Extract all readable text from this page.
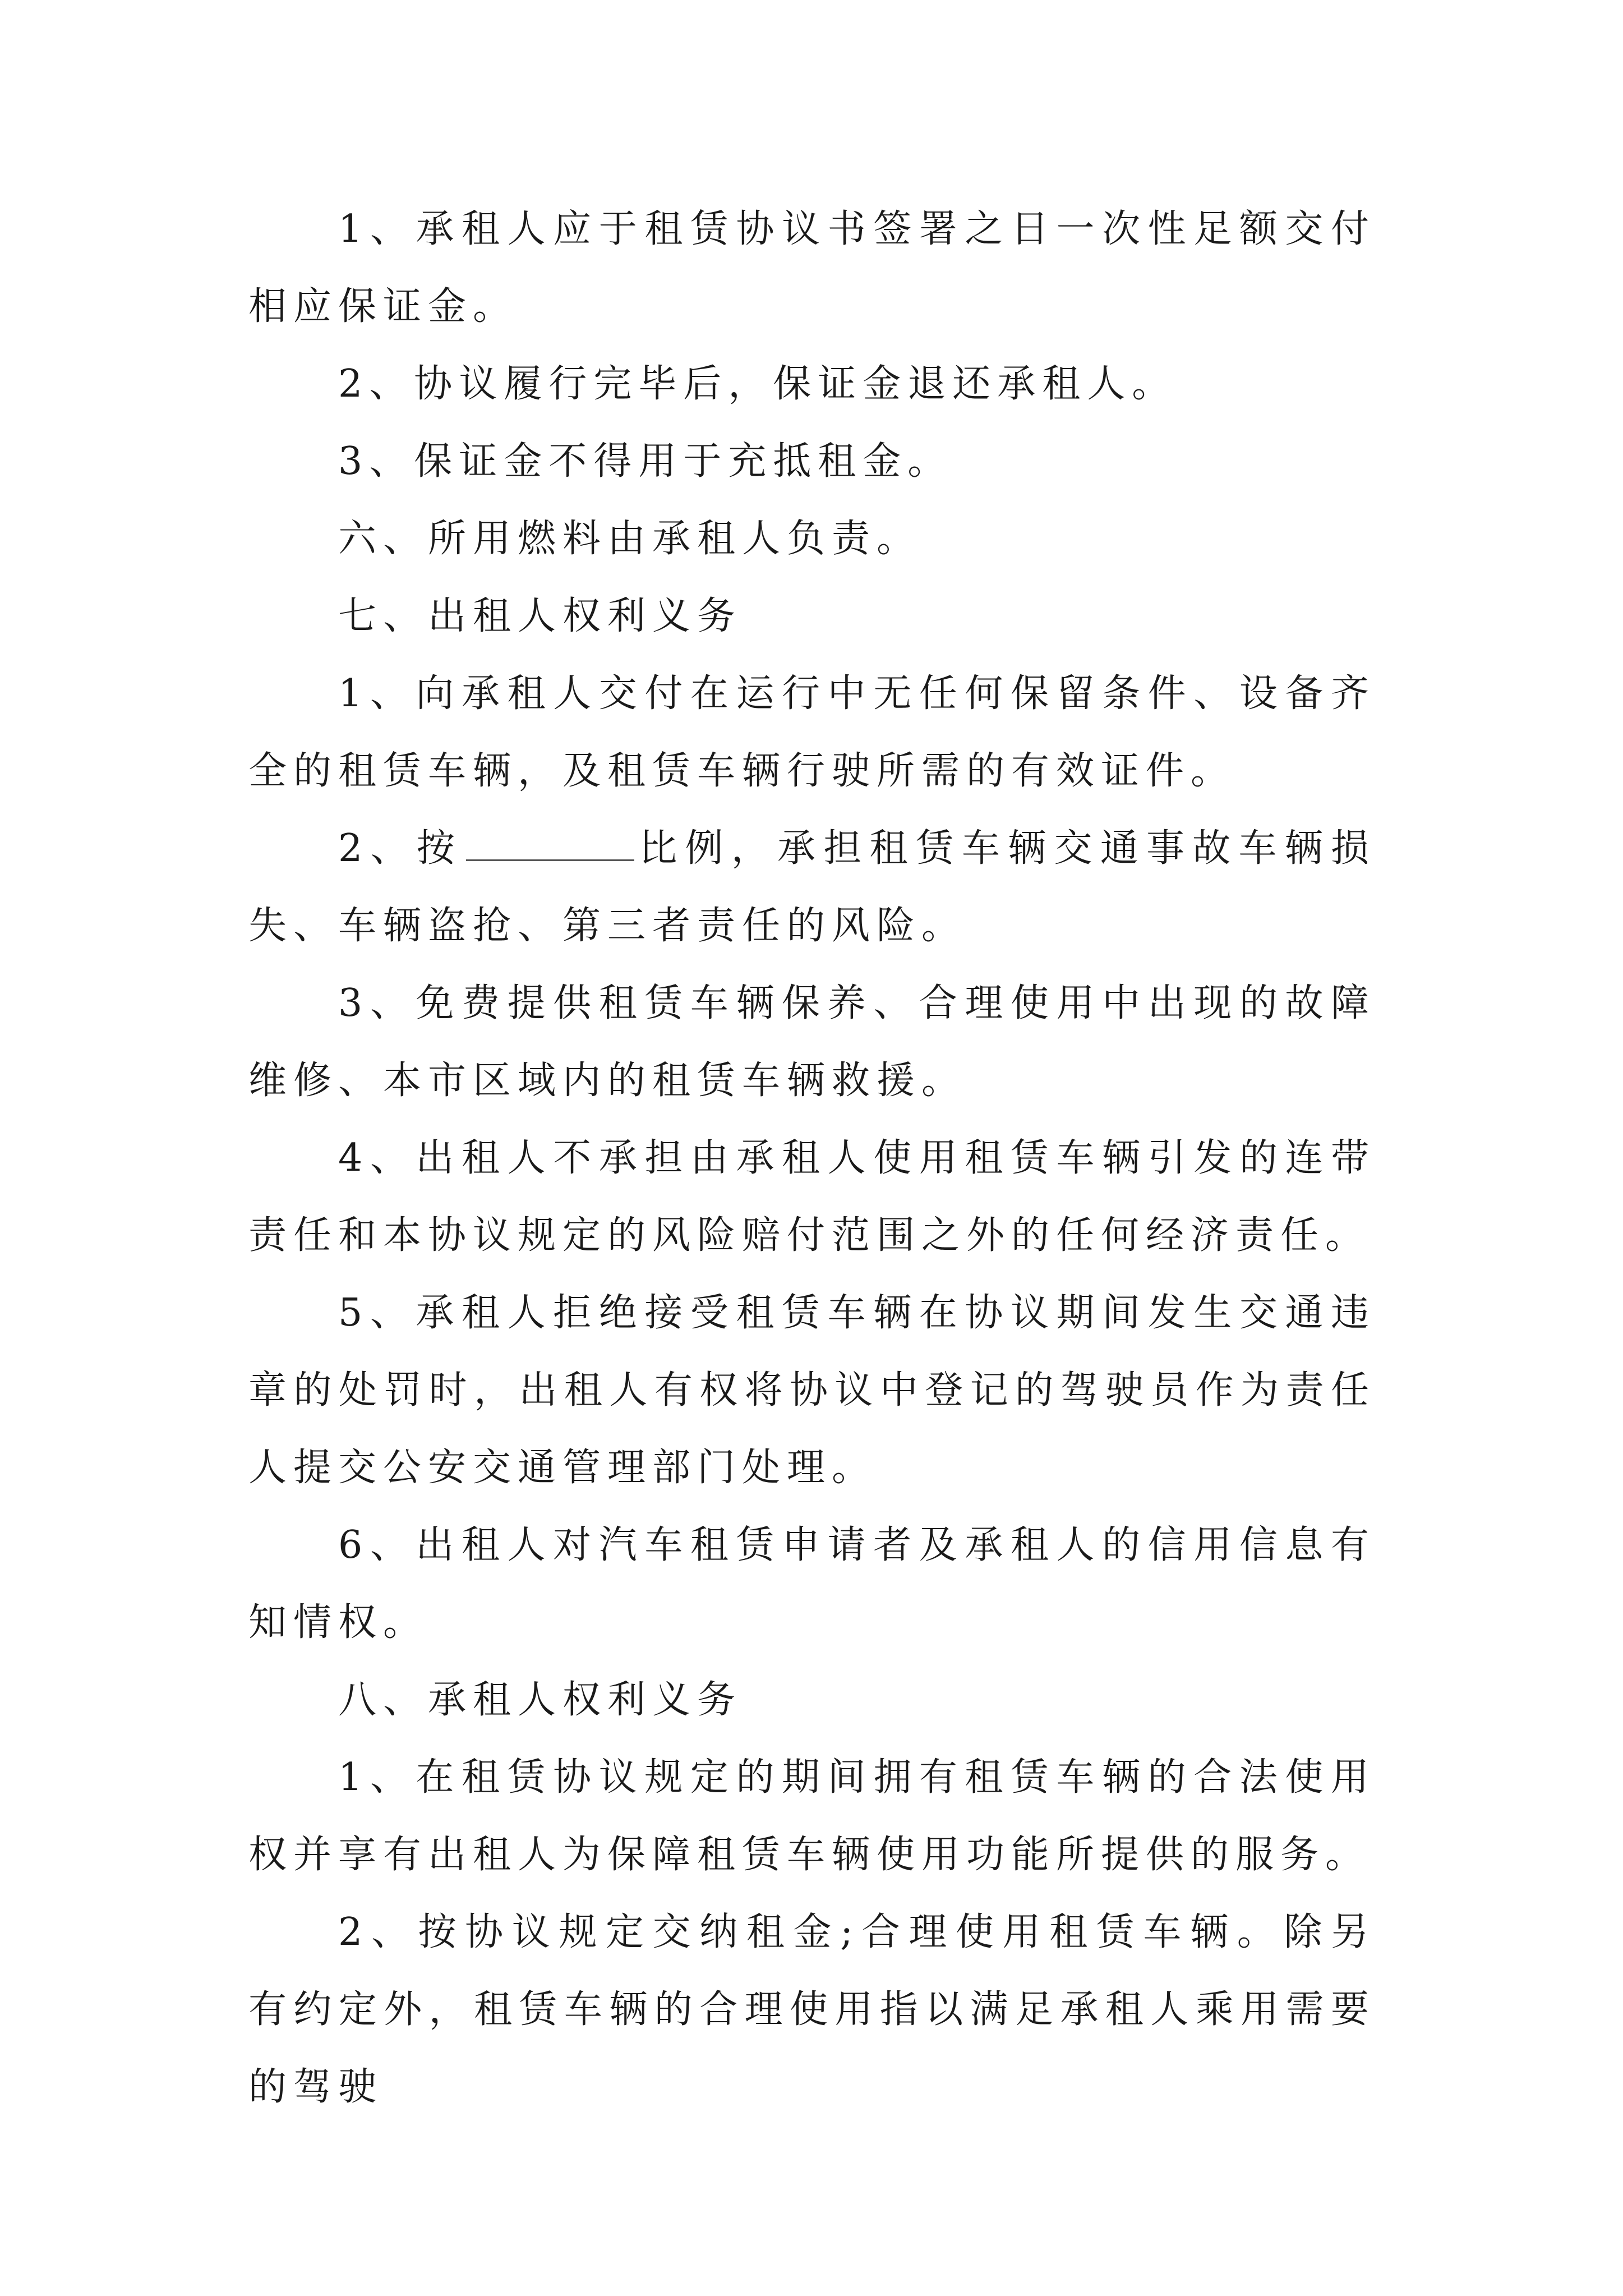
1、承租人应于租赁协议书签署之日一次性足额交付相应保证金。

2、协议履行完毕后，保证金退还承租人。

3、保证金不得用于充抵租金。

六、所用燃料由承租人负责。

七、出租人权利义务

1、向承租人交付在运行中无任何保留条件、设备齐全的租赁车辆，及租赁车辆行驶所需的有效证件。

2、按	比例，承担租赁车辆交通事故车辆损失、车辆盗抢、第三者责任的风险。

3、免费提供租赁车辆保养、合理使用中出现的故障维修、本市区域内的租赁车辆救援。

4、出租人不承担由承租人使用租赁车辆引发的连带责任和本协议规定的风险赔付范围之外的任何经济责任。

5、承租人拒绝接受租赁车辆在协议期间发生交通违章的处罚时，出租人有权将协议中登记的驾驶员作为责任人提交公安交通管理部门处理。

6、出租人对汽车租赁申请者及承租人的信用信息有知情权。

八、承租人权利义务

1、在租赁协议规定的期间拥有租赁车辆的合法使用权并享有出租人为保障租赁车辆使用功能所提供的服务。

2、按协议规定交纳租金;合理使用租赁车辆。除另有约定外，租赁车辆的合理使用指以满足承租人乘用需要的驾驶
